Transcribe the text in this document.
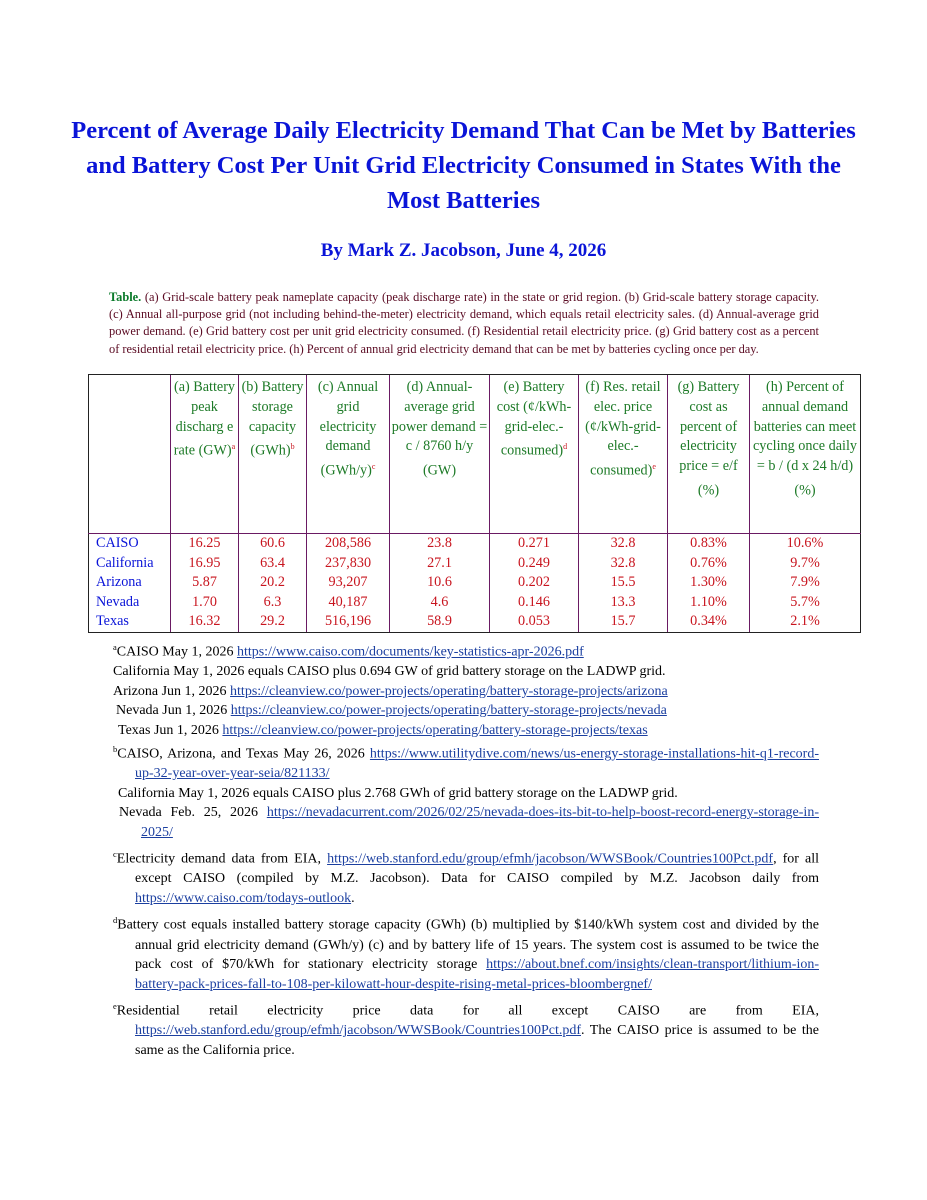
Percent of Average Daily Electricity Demand That Can be Met by Batteries and Battery Cost Per Unit Grid Electricity Consumed in States With the Most Batteries

By Mark Z. Jacobson, June 4, 2026

Table. (a) Grid-scale battery peak nameplate capacity (peak discharge rate) in the state or grid region. (b) Grid-scale battery storage capacity. (c) Annual all-purpose grid (not including behind-the-meter) electricity demand, which equals retail electricity sales. (d) Annual-average grid power demand. (e) Grid battery cost per unit grid electricity consumed. (f) Residential retail electricity price. (g) Grid battery cost as a percent of residential retail electricity price. (h) Percent of annual grid electricity demand that can be met by batteries cycling once per day.

	(a) Battery peak discharg e rate (GW)$^a$	(b) Battery storage capacity (GWh)$^b$	(c) Annual grid electricity demand $(GWh/y)^c$	(d) Annual-average grid power demand = c / 8760 h/y (GW)	(e) Battery cost (¢/kWh-grid-elec.-consumed)$^d$	(f) Res. retail elec. price (¢/kWh-grid-elec.-consumed)$^e$	(g) Battery cost as percent of electricity price = e/f (%)	(h) Percent of annual demand batteries can meet cycling once daily = b / (d x 24 h/d) (%)
CAISO	16.25	60.6	208,586	23.8	0.271	32.8	0.83%	10.6%
California	16.95	63.4	237,830	27.1	0.249	32.8	0.76%	9.7%
Arizona	5.87	20.2	93,207	10.6	0.202	15.5	1.30%	7.9%
Nevada	1.70	6.3	40,187	4.6	0.146	13.3	1.10%	5.7%
Texas	16.32	29.2	516,196	58.9	0.053	15.7	0.34%	2.1%

$^a$CAISO May 1, 2026 https://www.caiso.com/documents/key-statistics-apr-2026.pdf

California May 1, 2026 equals CAISO plus 0.694 GW of grid battery storage on the LADWP grid.

Arizona Jun 1, 2026 https://cleanview.co/power-projects/operating/battery-storage-projects/arizona

Nevada Jun 1, 2026 https://cleanview.co/power-projects/operating/battery-storage-projects/nevada

Texas Jun 1, 2026 https://cleanview.co/power-projects/operating/battery-storage-projects/texas

$^b$CAISO, Arizona, and Texas May 26, 2026 https://www.utilitydive.com/news/us-energy-storage-installations-hit-q1-record-up-32-year-over-year-seia/821133/

California May 1, 2026 equals CAISO plus 2.768 GWh of grid battery storage on the LADWP grid.

Nevada Feb. 25, 2026 https://nevadacurrent.com/2026/02/25/nevada-does-its-bit-to-help-boost-record-energy-storage-in-2025/

$^c$Electricity demand data from EIA, https://web.stanford.edu/group/efmh/jacobson/WWSBook/Countries100Pct.pdf, for all except CAISO (compiled by M.Z. Jacobson). Data for CAISO compiled by M.Z. Jacobson daily from https://www.caiso.com/todays-outlook.

$^d$Battery cost equals installed battery storage capacity (GWh) (b) multiplied by $140/kWh system cost and divided by the annual grid electricity demand (GWh/y) (c) and by battery life of 15 years. The system cost is assumed to be twice the pack cost of $70/kWh for stationary electricity storage https://about.bnef.com/insights/clean-transport/lithium-ion-battery-pack-prices-fall-to-108-per-kilowatt-hour-despite-rising-metal-prices-bloombergnef/

$^e$Residential retail electricity price data for all except CAISO are from EIA, https://web.stanford.edu/group/efmh/jacobson/WWSBook/Countries100Pct.pdf. The CAISO price is assumed to be the same as the California price.
